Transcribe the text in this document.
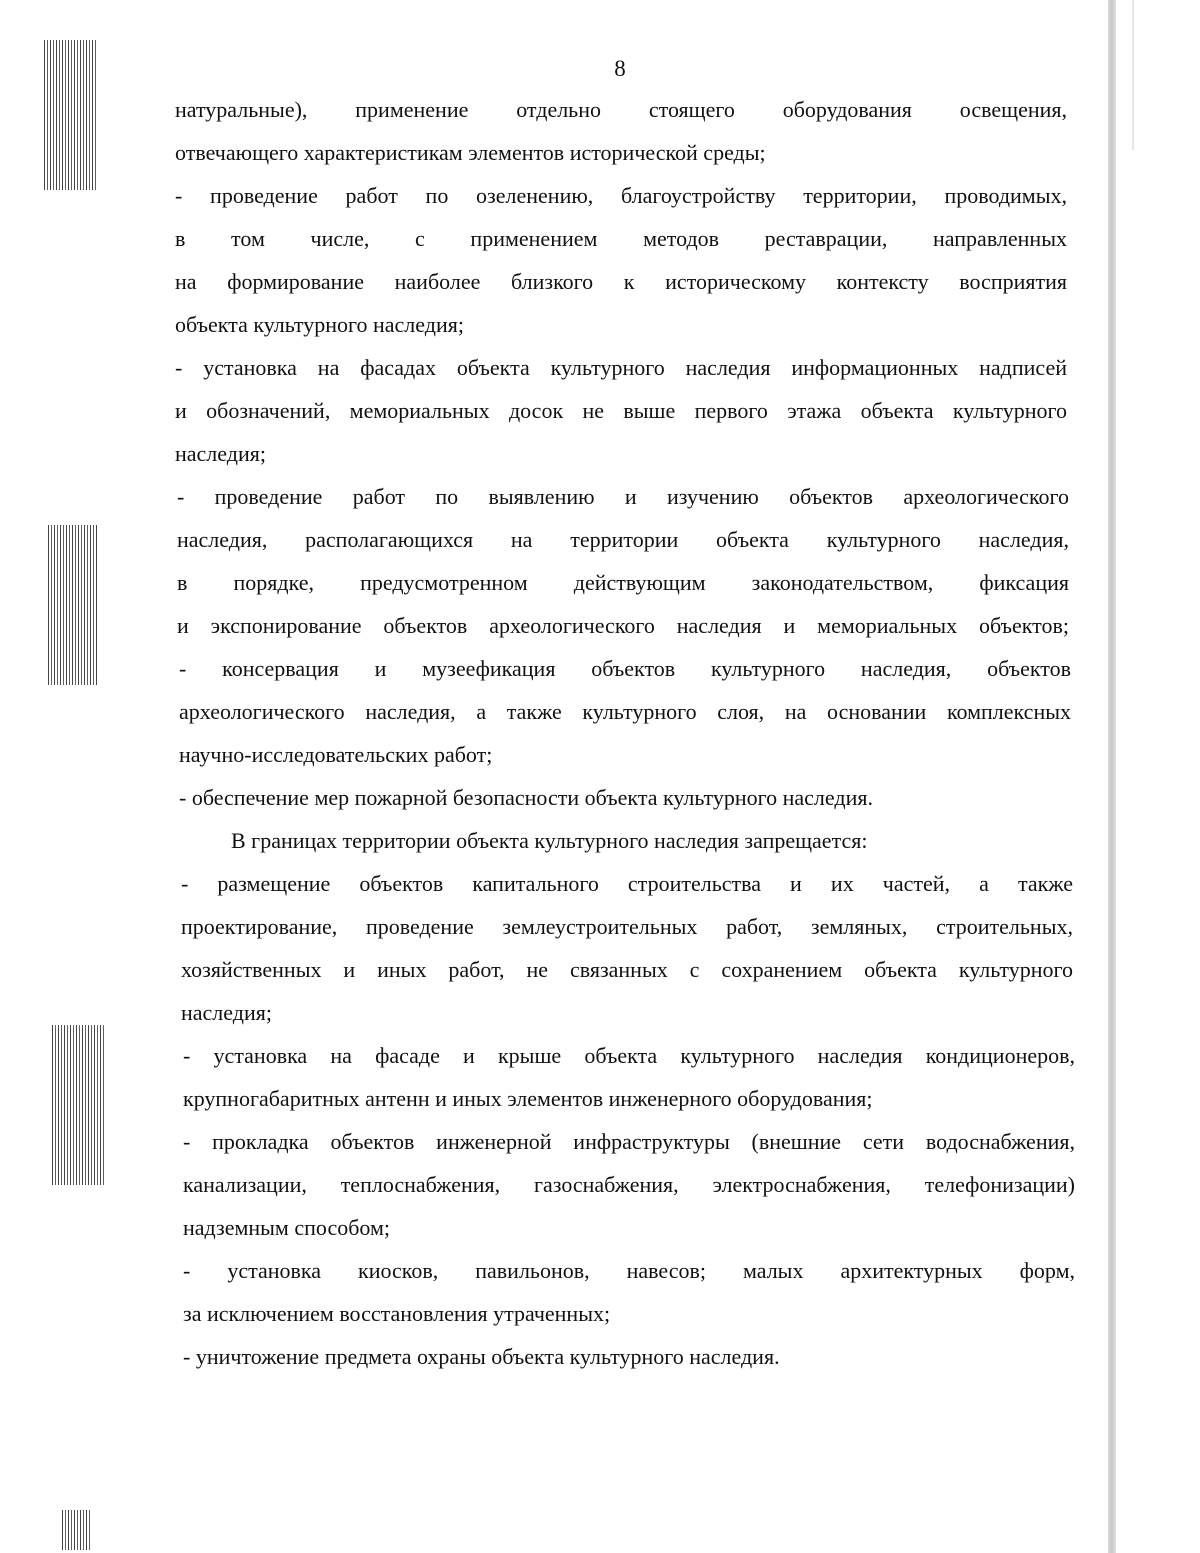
8
натуральные), применение отдельно стоящего оборудования освещения,
отвечающего характеристикам элементов исторической среды;
- проведение работ по озеленению, благоустройству территории, проводимых,
в том числе, с применением методов реставрации, направленных
на формирование наиболее близкого к историческому контексту восприятия
объекта культурного наследия;
- установка на фасадах объекта культурного наследия информационных надписей
и обозначений, мемориальных досок не выше первого этажа объекта культурного
наследия;
- проведение работ по выявлению и изучению объектов археологического
наследия, располагающихся на территории объекта культурного наследия,
в порядке, предусмотренном действующим законодательством, фиксация
и экспонирование объектов археологического наследия и мемориальных объектов;
- консервация и музеефикация объектов культурного наследия, объектов
археологического наследия, а также культурного слоя, на основании комплексных
научно-исследовательских работ;
- обеспечение мер пожарной безопасности объекта культурного наследия.
В границах территории объекта культурного наследия запрещается:
- размещение объектов капитального строительства и их частей, а также
проектирование, проведение землеустроительных работ, земляных, строительных,
хозяйственных и иных работ, не связанных с сохранением объекта культурного
наследия;
- установка на фасаде и крыше объекта культурного наследия кондиционеров,
крупногабаритных антенн и иных элементов инженерного оборудования;
- прокладка объектов инженерной инфраструктуры (внешние сети водоснабжения,
канализации, теплоснабжения, газоснабжения, электроснабжения, телефонизации)
надземным способом;
- установка киосков, павильонов, навесов; малых архитектурных форм,
за исключением восстановления утраченных;
- уничтожение предмета охраны объекта культурного наследия.
